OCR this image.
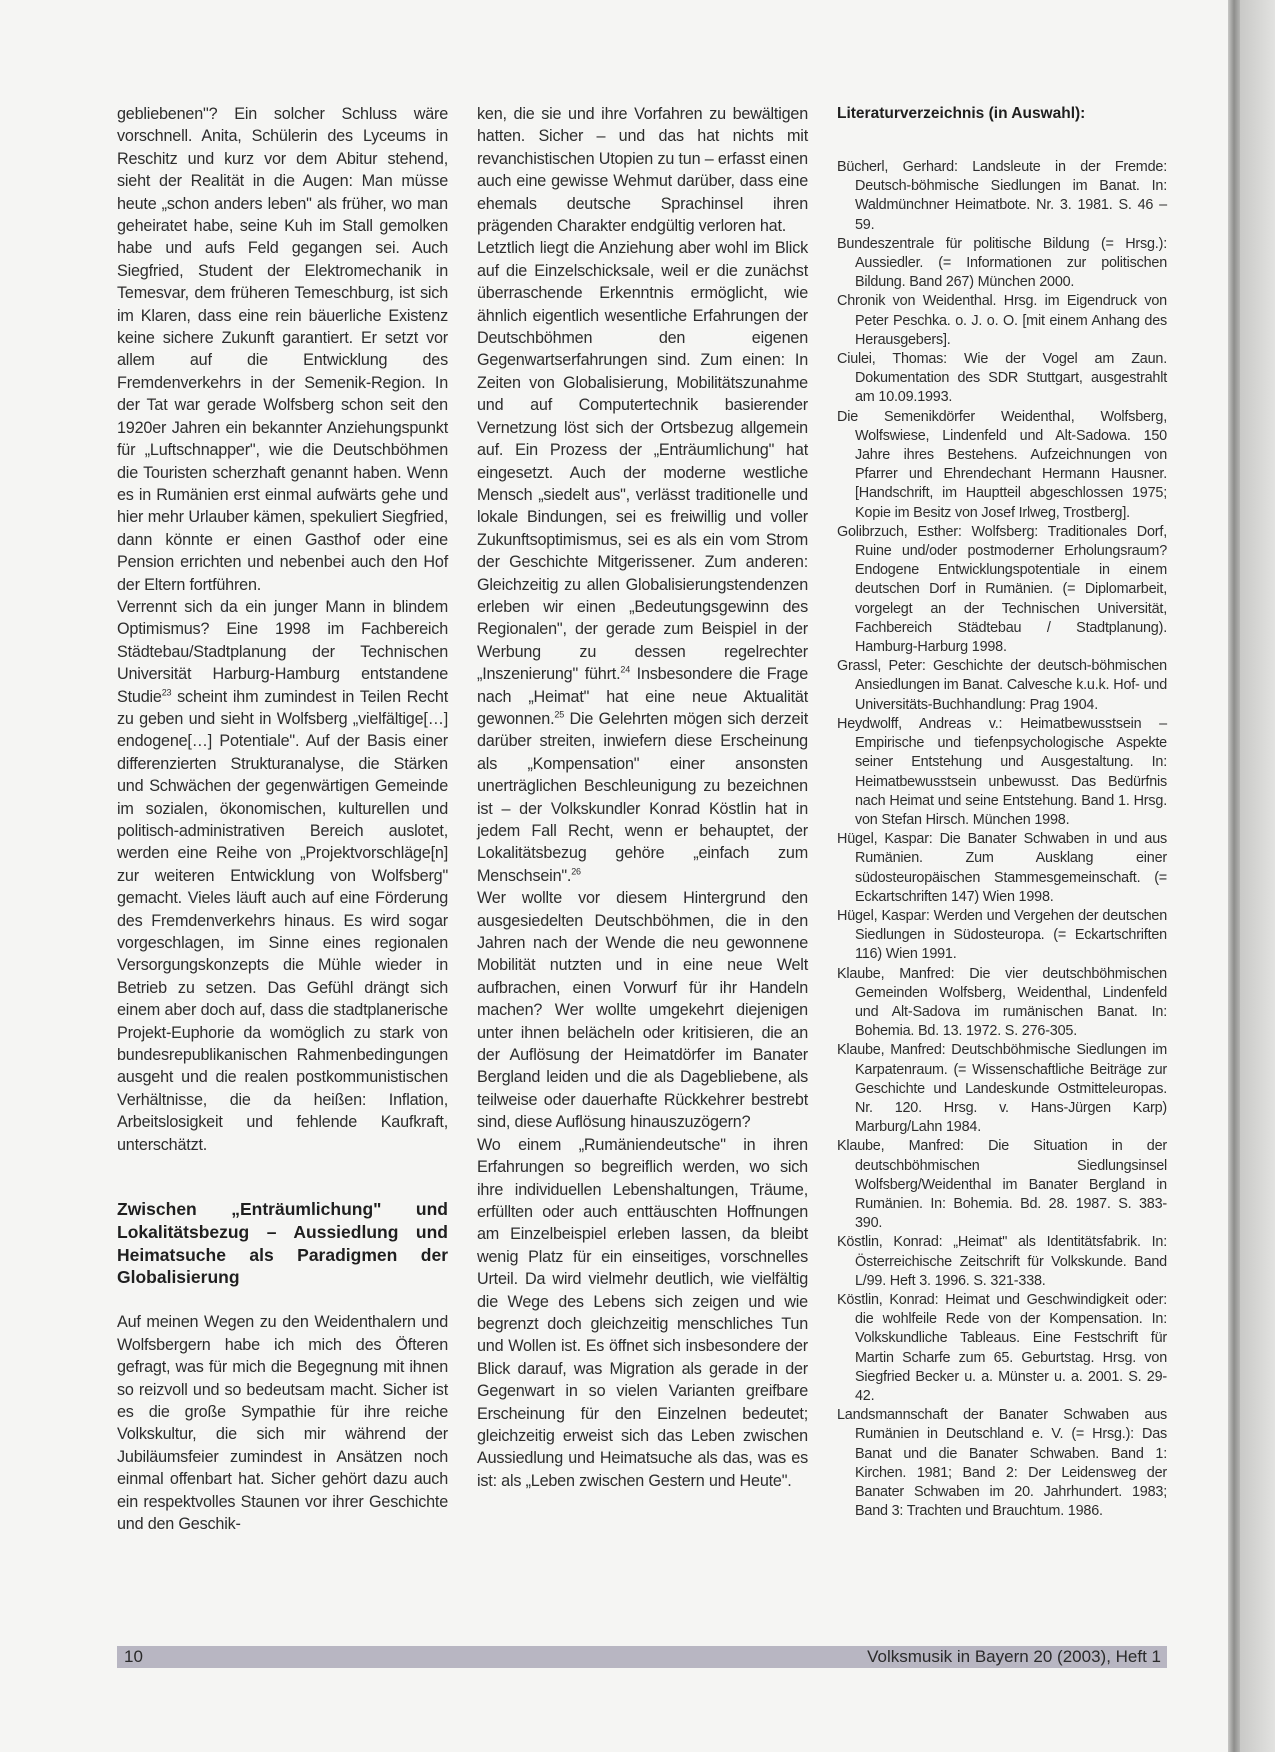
gebliebenen"? Ein solcher Schluss wäre vorschnell. Anita, Schülerin des Lyceums in Reschitz und kurz vor dem Abitur stehend, sieht der Realität in die Augen: Man müsse heute „schon anders leben" als früher, wo man geheiratet habe, seine Kuh im Stall gemolken habe und aufs Feld gegangen sei. Auch Siegfried, Student der Elektromechanik in Temesvar, dem früheren Temeschburg, ist sich im Klaren, dass eine rein bäuerliche Existenz keine sichere Zukunft garantiert. Er setzt vor allem auf die Entwicklung des Fremdenverkehrs in der Semenik-Region. In der Tat war gerade Wolfsberg schon seit den 1920er Jahren ein bekannter Anziehungspunkt für „Luftschnapper", wie die Deutschböhmen die Touristen scherzhaft genannt haben. Wenn es in Rumänien erst einmal aufwärts gehe und hier mehr Urlauber kämen, spekuliert Siegfried, dann könnte er einen Gasthof oder eine Pension errichten und nebenbei auch den Hof der Eltern fortführen.

Verrennt sich da ein junger Mann in blindem Optimismus? Eine 1998 im Fachbereich Städtebau/Stadtplanung der Technischen Universität Harburg-Hamburg entstandene Studie$^{23}$ scheint ihm zumindest in Teilen Recht zu geben und sieht in Wolfsberg „vielfältige[…] endogene[…] Potentiale". Auf der Basis einer differenzierten Strukturanalyse, die Stärken und Schwächen der gegenwärtigen Gemeinde im sozialen, ökonomischen, kulturellen und politisch-administrativen Bereich auslotet, werden eine Reihe von „Projektvorschläge[n] zur weiteren Entwicklung von Wolfsberg" gemacht. Vieles läuft auch auf eine Förderung des Fremdenverkehrs hinaus. Es wird sogar vorgeschlagen, im Sinne eines regionalen Versorgungskonzepts die Mühle wieder in Betrieb zu setzen. Das Gefühl drängt sich einem aber doch auf, dass die stadtplanerische Projekt-Euphorie da womöglich zu stark von bundesrepublikanischen Rahmenbedingungen ausgeht und die realen postkommunistischen Verhältnisse, die da heißen: Inflation, Arbeitslosigkeit und fehlende Kaufkraft, unterschätzt.

Zwischen „Enträumlichung" und Lokalitätsbezug – Aussiedlung und Heimatsuche als Paradigmen der Globalisierung

Auf meinen Wegen zu den Weidenthalern und Wolfsbergern habe ich mich des Öfteren gefragt, was für mich die Begegnung mit ihnen so reizvoll und so bedeutsam macht. Sicher ist es die große Sympathie für ihre reiche Volkskultur, die sich mir während der Jubiläumsfeier zumindest in Ansätzen noch einmal offenbart hat. Sicher gehört dazu auch ein respektvolles Staunen vor ihrer Geschichte und den Geschik-

ken, die sie und ihre Vorfahren zu bewältigen hatten. Sicher – und das hat nichts mit revanchistischen Utopien zu tun – erfasst einen auch eine gewisse Wehmut darüber, dass eine ehemals deutsche Sprachinsel ihren prägenden Charakter endgültig verloren hat.

Letztlich liegt die Anziehung aber wohl im Blick auf die Einzelschicksale, weil er die zunächst überraschende Erkenntnis ermöglicht, wie ähnlich eigentlich wesentliche Erfahrungen der Deutschböhmen den eigenen Gegenwartserfahrungen sind. Zum einen: In Zeiten von Globalisierung, Mobilitätszunahme und auf Computertechnik basierender Vernetzung löst sich der Ortsbezug allgemein auf. Ein Prozess der „Enträumlichung" hat eingesetzt. Auch der moderne westliche Mensch „siedelt aus", verlässt traditionelle und lokale Bindungen, sei es freiwillig und voller Zukunftsoptimismus, sei es als ein vom Strom der Geschichte Mitgerissener. Zum anderen: Gleichzeitig zu allen Globalisierungstendenzen erleben wir einen „Bedeutungsgewinn des Regionalen", der gerade zum Beispiel in der Werbung zu dessen regelrechter „Inszenierung" führt.$^{24}$ Insbesondere die Frage nach „Heimat" hat eine neue Aktualität gewonnen.$^{25}$ Die Gelehrten mögen sich derzeit darüber streiten, inwiefern diese Erscheinung als „Kompensation" einer ansonsten unerträglichen Beschleunigung zu bezeichnen ist – der Volkskundler Konrad Köstlin hat in jedem Fall Recht, wenn er behauptet, der Lokalitätsbezug gehöre „einfach zum Menschsein".$^{26}$

Wer wollte vor diesem Hintergrund den ausgesiedelten Deutschböhmen, die in den Jahren nach der Wende die neu gewonnene Mobilität nutzten und in eine neue Welt aufbrachen, einen Vorwurf für ihr Handeln machen? Wer wollte umgekehrt diejenigen unter ihnen belächeln oder kritisieren, die an der Auflösung der Heimatdörfer im Banater Bergland leiden und die als Dagebliebene, als teilweise oder dauerhafte Rückkehrer bestrebt sind, diese Auflösung hinauszuzögern?

Wo einem „Rumäniendeutsche" in ihren Erfahrungen so begreiflich werden, wo sich ihre individuellen Lebenshaltungen, Träume, erfüllten oder auch enttäuschten Hoffnungen am Einzelbeispiel erleben lassen, da bleibt wenig Platz für ein einseitiges, vorschnelles Urteil. Da wird vielmehr deutlich, wie vielfältig die Wege des Lebens sich zeigen und wie begrenzt doch gleichzeitig menschliches Tun und Wollen ist. Es öffnet sich insbesondere der Blick darauf, was Migration als gerade in der Gegenwart in so vielen Varianten greifbare Erscheinung für den Einzelnen bedeutet; gleichzeitig erweist sich das Leben zwischen Aussiedlung und Heimatsuche als das, was es ist: als „Leben zwischen Gestern und Heute".

Literaturverzeichnis (in Auswahl):

Bücherl, Gerhard: Landsleute in der Fremde: Deutsch-böhmische Siedlungen im Banat. In: Waldmünchner Heimatbote. Nr. 3. 1981. S. 46 – 59.

Bundeszentrale für politische Bildung (= Hrsg.): Aussiedler. (= Informationen zur politischen Bildung. Band 267) München 2000.

Chronik von Weidenthal. Hrsg. im Eigendruck von Peter Peschka. o. J. o. O. [mit einem Anhang des Herausgebers].

Ciulei, Thomas: Wie der Vogel am Zaun. Dokumentation des SDR Stuttgart, ausgestrahlt am 10.09.1993.

Die Semenikdörfer Weidenthal, Wolfsberg, Wolfswiese, Lindenfeld und Alt-Sadowa. 150 Jahre ihres Bestehens. Aufzeichnungen von Pfarrer und Ehrendechant Hermann Hausner. [Handschrift, im Hauptteil abgeschlossen 1975; Kopie im Besitz von Josef Irlweg, Trostberg].

Golibrzuch, Esther: Wolfsberg: Traditionales Dorf, Ruine und/oder postmoderner Erholungsraum? Endogene Entwicklungspotentiale in einem deutschen Dorf in Rumänien. (= Diplomarbeit, vorgelegt an der Technischen Universität, Fachbereich Städtebau / Stadtplanung). Hamburg-Harburg 1998.

Grassl, Peter: Geschichte der deutsch-böhmischen Ansiedlungen im Banat. Calvesche k.u.k. Hof- und Universitäts-Buchhandlung: Prag 1904.

Heydwolff, Andreas v.: Heimatbewusstsein – Empirische und tiefenpsychologische Aspekte seiner Entstehung und Ausgestaltung. In: Heimatbewusstsein unbewusst. Das Bedürfnis nach Heimat und seine Entstehung. Band 1. Hrsg. von Stefan Hirsch. München 1998.

Hügel, Kaspar: Die Banater Schwaben in und aus Rumänien. Zum Ausklang einer südosteuropäischen Stammesgemeinschaft. (= Eckartschriften 147) Wien 1998.

Hügel, Kaspar: Werden und Vergehen der deutschen Siedlungen in Südosteuropa. (= Eckartschriften 116) Wien 1991.

Klaube, Manfred: Die vier deutschböhmischen Gemeinden Wolfsberg, Weidenthal, Lindenfeld und Alt-Sadova im rumänischen Banat. In: Bohemia. Bd. 13. 1972. S. 276-305.

Klaube, Manfred: Deutschböhmische Siedlungen im Karpatenraum. (= Wissenschaftliche Beiträge zur Geschichte und Landeskunde Ostmitteleuropas. Nr. 120. Hrsg. v. Hans-Jürgen Karp) Marburg/Lahn 1984.

Klaube, Manfred: Die Situation in der deutschböhmischen Siedlungsinsel Wolfsberg/Weidenthal im Banater Bergland in Rumänien. In: Bohemia. Bd. 28. 1987. S. 383-390.

Köstlin, Konrad: „Heimat" als Identitätsfabrik. In: Österreichische Zeitschrift für Volkskunde. Band L/99. Heft 3. 1996. S. 321-338.

Köstlin, Konrad: Heimat und Geschwindigkeit oder: die wohlfeile Rede von der Kompensation. In: Volkskundliche Tableaus. Eine Festschrift für Martin Scharfe zum 65. Geburtstag. Hrsg. von Siegfried Becker u. a. Münster u. a. 2001. S. 29-42.

Landsmannschaft der Banater Schwaben aus Rumänien in Deutschland e. V. (= Hrsg.): Das Banat und die Banater Schwaben. Band 1: Kirchen. 1981; Band 2: Der Leidensweg der Banater Schwaben im 20. Jahrhundert. 1983; Band 3: Trachten und Brauchtum. 1986.

10	Volksmusik in Bayern 20 (2003), Heft 1
